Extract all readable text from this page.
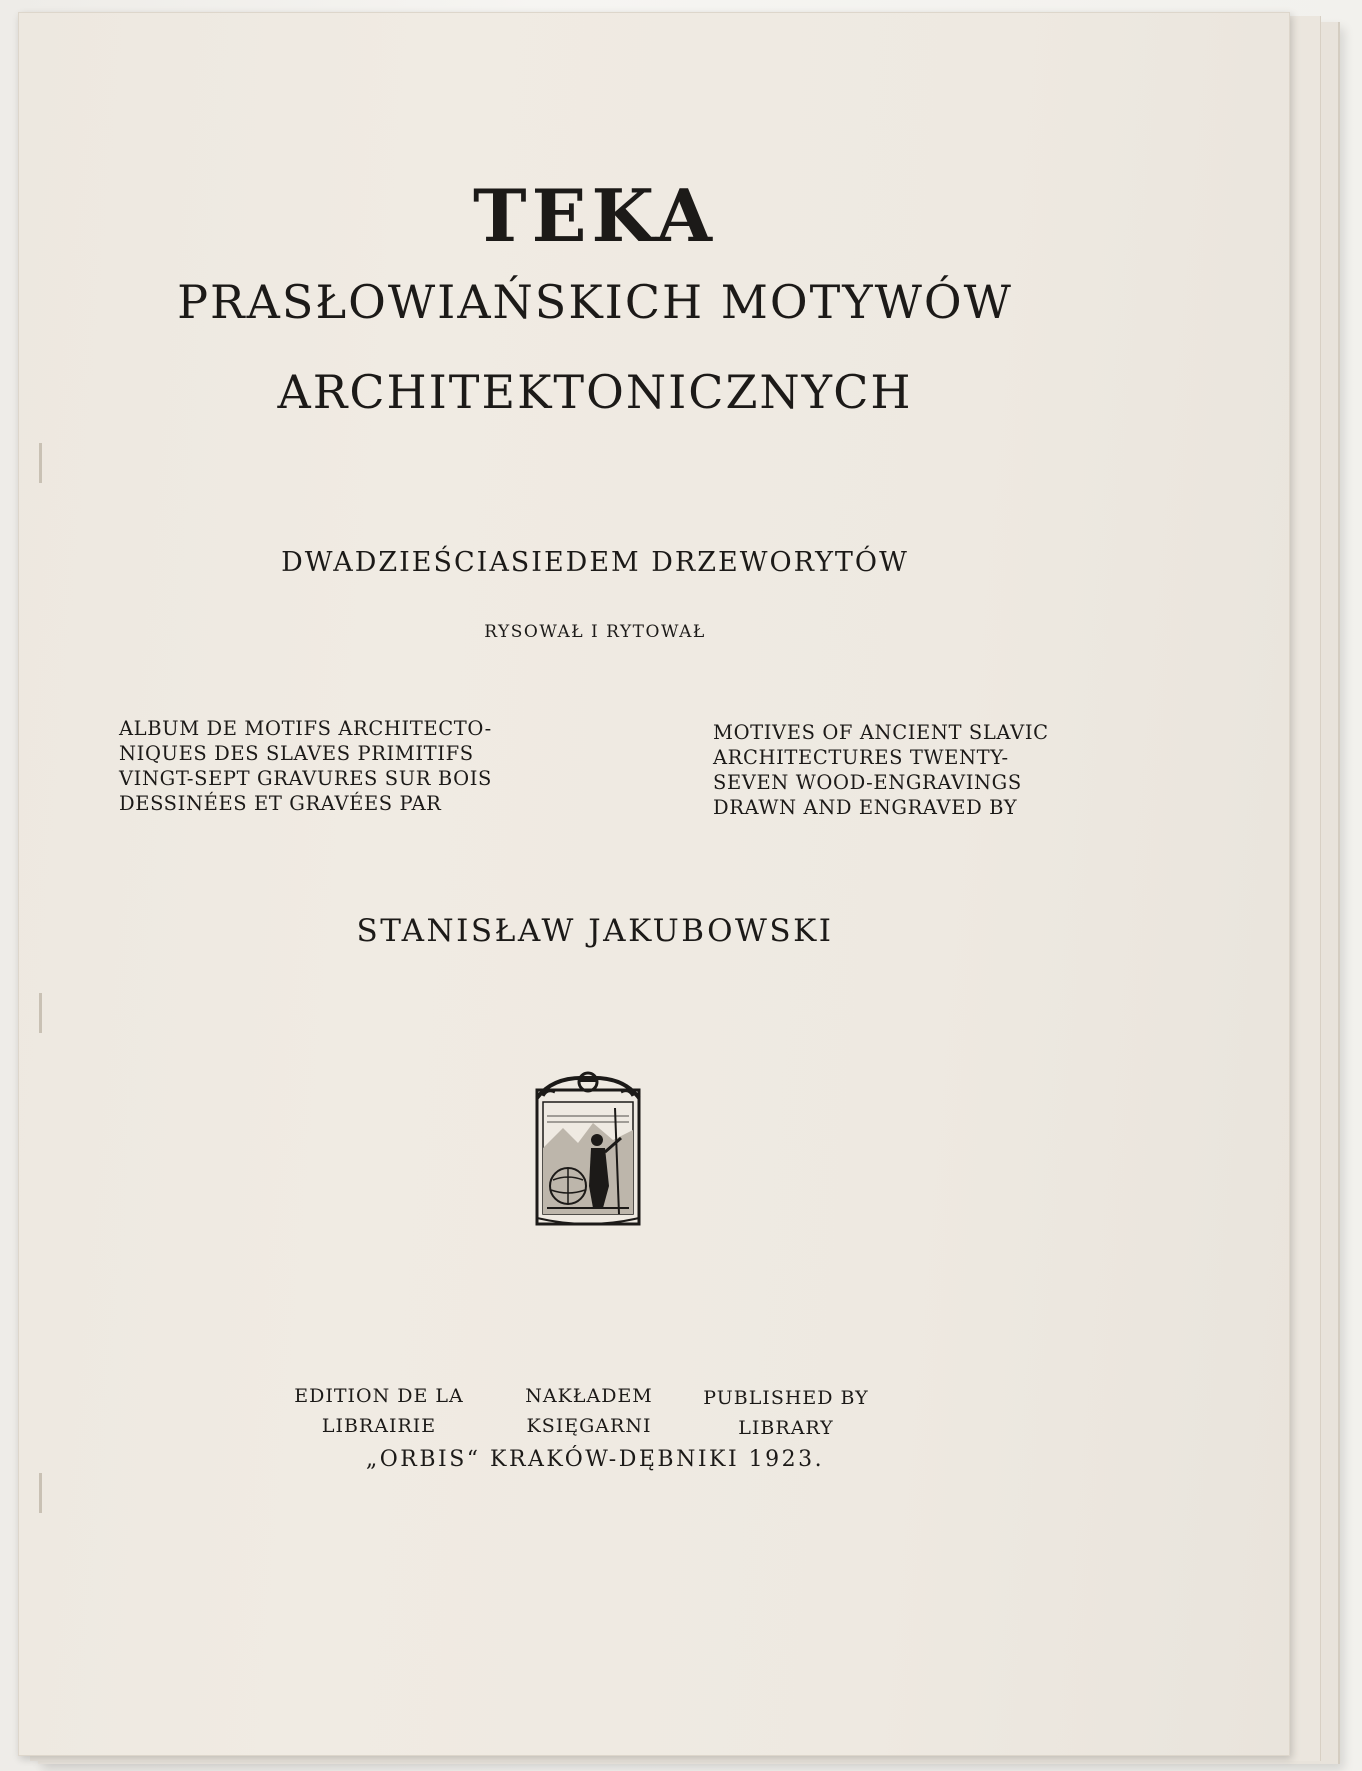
TEKA
PRASŁOWIAŃSKICH MOTYWÓW
ARCHITEKTONICZNYCH
DWADZIEŚCIASIEDEM DRZEWORYTÓW
RYSOWAŁ I RYTOWAŁ
ALBUM DE MOTIFS ARCHITECTO-
NIQUES DES SLAVES PRIMITIFS
VINGT-SEPT GRAVURES SUR BOIS
DESSINÉES ET GRAVÉES PAR
MOTIVES OF ANCIENT SLAVIC
ARCHITECTURES TWENTY-
SEVEN WOOD-ENGRAVINGS
DRAWN AND ENGRAVED BY
STANISŁAW JAKUBOWSKI
EDITION DE LA
LIBRAIRIE
NAKŁADEM
KSIĘGARNI
PUBLISHED BY
LIBRARY
„ORBIS“ KRAKÓW-DĘBNIKI 1923.
